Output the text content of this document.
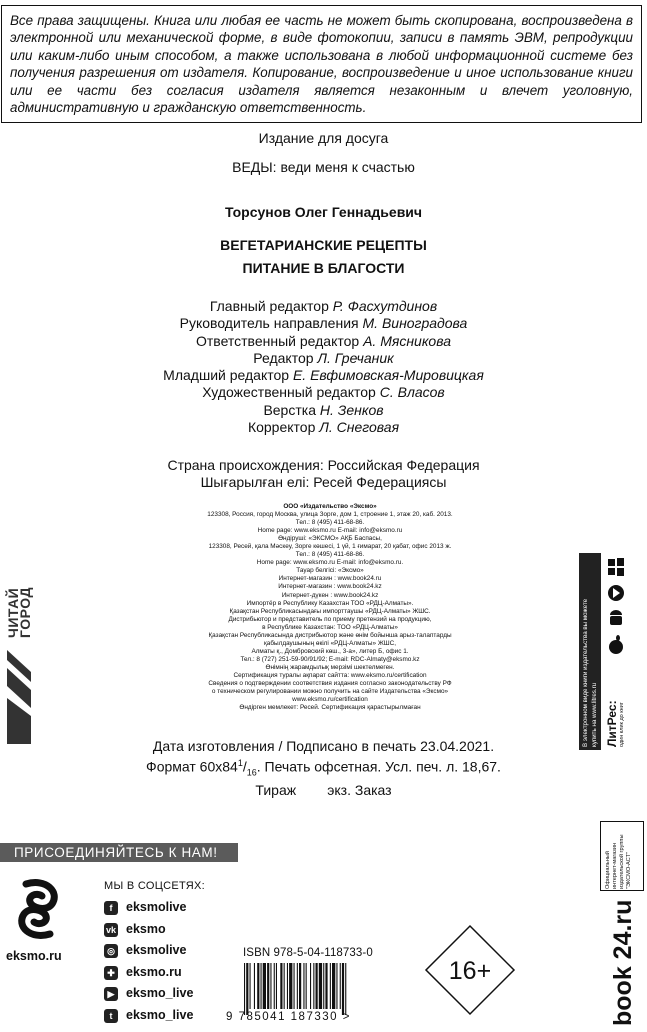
Все права защищены. Книга или любая ее часть не может быть скопирована, воспроизведена в электронной или механической форме, в виде фотокопии, записи в память ЭВМ, репродукции или каким-либо иным способом, а также использована в любой информационной системе без получения разрешения от издателя. Копирование, воспроизведение и иное использование книги или ее части без согласия издателя является незаконным и влечет уголовную, административную и гражданскую ответственность.
Издание для досуга
ВЕДЫ: веди меня к счастью
Торсунов Олег Геннадьевич
ВЕГЕТАРИАНСКИЕ РЕЦЕПТЫ
ПИТАНИЕ В БЛАГОСТИ
Главный редактор Р. Фасхутдинов
Руководитель направления М. Виноградова
Ответственный редактор А. Мясникова
Редактор Л. Гречаник
Младший редактор Е. Евфимовская-Мировицкая
Художественный редактор С. Власов
Верстка Н. Зенков
Корректор Л. Снеговая
Страна происхождения: Российская Федерация
Шығарылған елі: Ресей Федерациясы
ООО «Издательство «Эксмо»
123308, Россия, город Москва, улица Зорге, дом 1, строение 1, этаж 20, каб. 2013.
Тел.: 8 (495) 411-68-86.
Home page: www.eksmo.ru E-mail: info@eksmo.ru
Өндіруші: «ЭКСМО» АҚБ Баспасы,
123308, Ресей, қала Мәскеу, Зорге көшесі, 1 үй, 1 ғимарат, 20 қабат, офис 2013 ж.
Тел.: 8 (495) 411-68-86.
Home page: www.eksmo.ru E-mail: info@eksmo.ru.
Тауар белгісі: «Эксмо»
Интернет-магазин : www.book24.ru
Интернет-магазин : www.book24.kz
Интернет-дүкен : www.book24.kz
Импортёр в Республику Казахстан ТОО «РДЦ-Алматы».
Қазақстан Республикасындағы импорттаушы «РДЦ-Алматы» ЖШС.
Дистрибьютор и представитель по приему претензий на продукцию,
в Республике Казахстан: ТОО «РДЦ-Алматы»
Қазақстан Республикасында дистрибьютор және өнім бойынша арыз-талаптарды
қабылдаушының өкілі «РДЦ-Алматы» ЖШС,
Алматы қ., Домбровский көш., 3-а», литер Б, офис 1.
Тел.: 8 (727) 251-59-90/91/92; E-mail: RDC-Almaty@eksmo.kz
Өнімнің жарамдылық мерзімі шектелмеген.
Сертификация туралы ақпарат сайтта: www.eksmo.ru/certification
Сведения о подтверждении соответствия издания согласно законодательству РФ
о техническом регулировании можно получить на сайте Издательства «Эксмо»
www.eksmo.ru/certification
Өндірген мемлекет: Ресей. Сертификация қарастырылмаған
Дата изготовления / Подписано в печать 23.04.2021.
Формат $60x84^1/_{16}$. Печать офсетная. Усл. печ. л. 18,67.
Тираж экз. Заказ
ЧИТАЙ
ГОРОД	В электронном виде книги издательства вы можете купить на www.litres.ru ЛитРес: один клик до книг
ПРИСОЕДИНЯЙТЕСЬ К НАМ!
eksmo.ru
МЫ В СОЦСЕТЯХ:
f eksmolive
vk eksmo
◎ eksmolive
✚ eksmo.ru
▶ eksmo_live
t eksmo_live
ISBN 978-5-04-118733-0
9 785041 187330 >
16+
Официальный интернет-магазин издательской группы "ЭКСМО-АСТ"
book 24.ru
